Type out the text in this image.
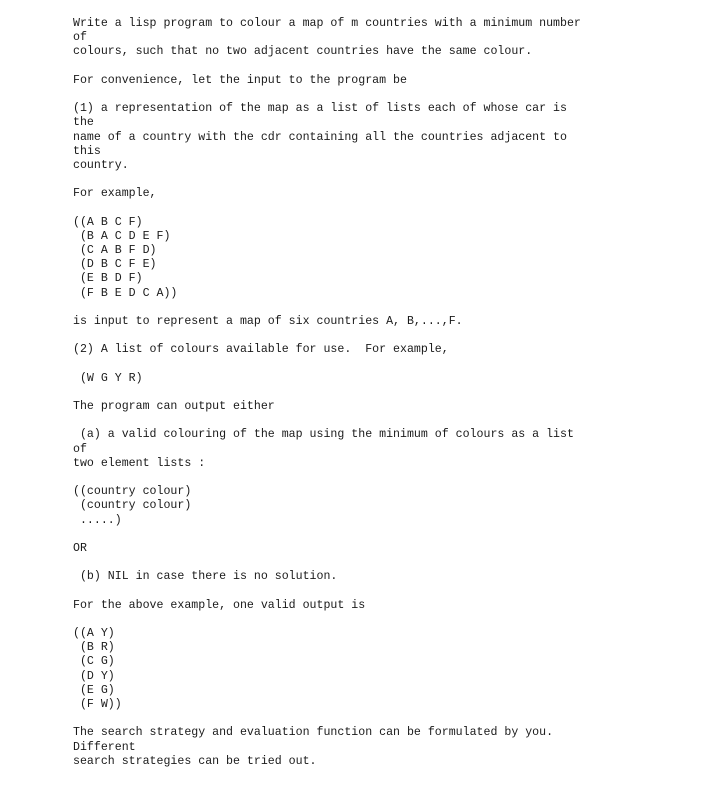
Write a lisp program to colour a map of m countries with a minimum number
of
colours, such that no two adjacent countries have the same colour.
For convenience, let the input to the program be
(1) a representation of the map as a list of lists each of whose car is
the
name of a country with the cdr containing all the countries adjacent to
this
country.
For example,
((A B C F)
(B A C D E F)
(C A B F D)
(D B C F E)
(E B D F)
(F B E D C A))
is input to represent a map of six countries A, B,...,F.
(2) A list of colours available for use.  For example,
(W G Y R)
The program can output either
(a) a valid colouring of the map using the minimum of colours as a list
of
two element lists :
((country colour)
(country colour)
.....)
OR
(b) NIL in case there is no solution.
For the above example, one valid output is
((A Y)
(B R)
(C G)
(D Y)
(E G)
(F W))
The search strategy and evaluation function can be formulated by you.
Different
search strategies can be tried out.
